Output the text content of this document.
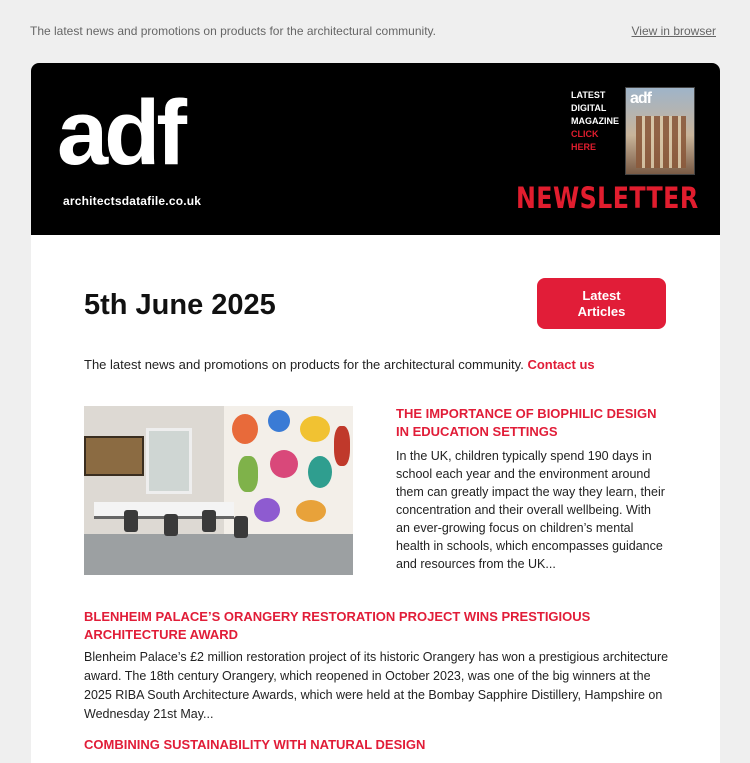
The latest news and promotions on products for the architectural community.	View in browser
adf
architectsdatafile.co.uk
LATEST
DIGITAL
MAGAZINE
CLICK HERE
adf
NEWSLETTER
5th June 2025	Latest Articles
The latest news and promotions on products for the architectural community. Contact us
THE IMPORTANCE OF BIOPHILIC DESIGN IN EDUCATION SETTINGS
In the UK, children typically spend 190 days in school each year and the environment around them can greatly impact the way they learn, their concentration and their overall wellbeing. With an ever-growing focus on children’s mental health in schools, which encompasses guidance and resources from the UK...
BLENHEIM PALACE’S ORANGERY RESTORATION PROJECT WINS PRESTIGIOUS ARCHITECTURE AWARD
Blenheim Palace’s £2 million restoration project of its historic Orangery has won a prestigious architecture award. The 18th century Orangery, which reopened in October 2023, was one of the big winners at the 2025 RIBA South Architecture Awards, which were held at the Bombay Sapphire Distillery, Hampshire on Wednesday 21st May...
COMBINING SUSTAINABILITY WITH NATURAL DESIGN
